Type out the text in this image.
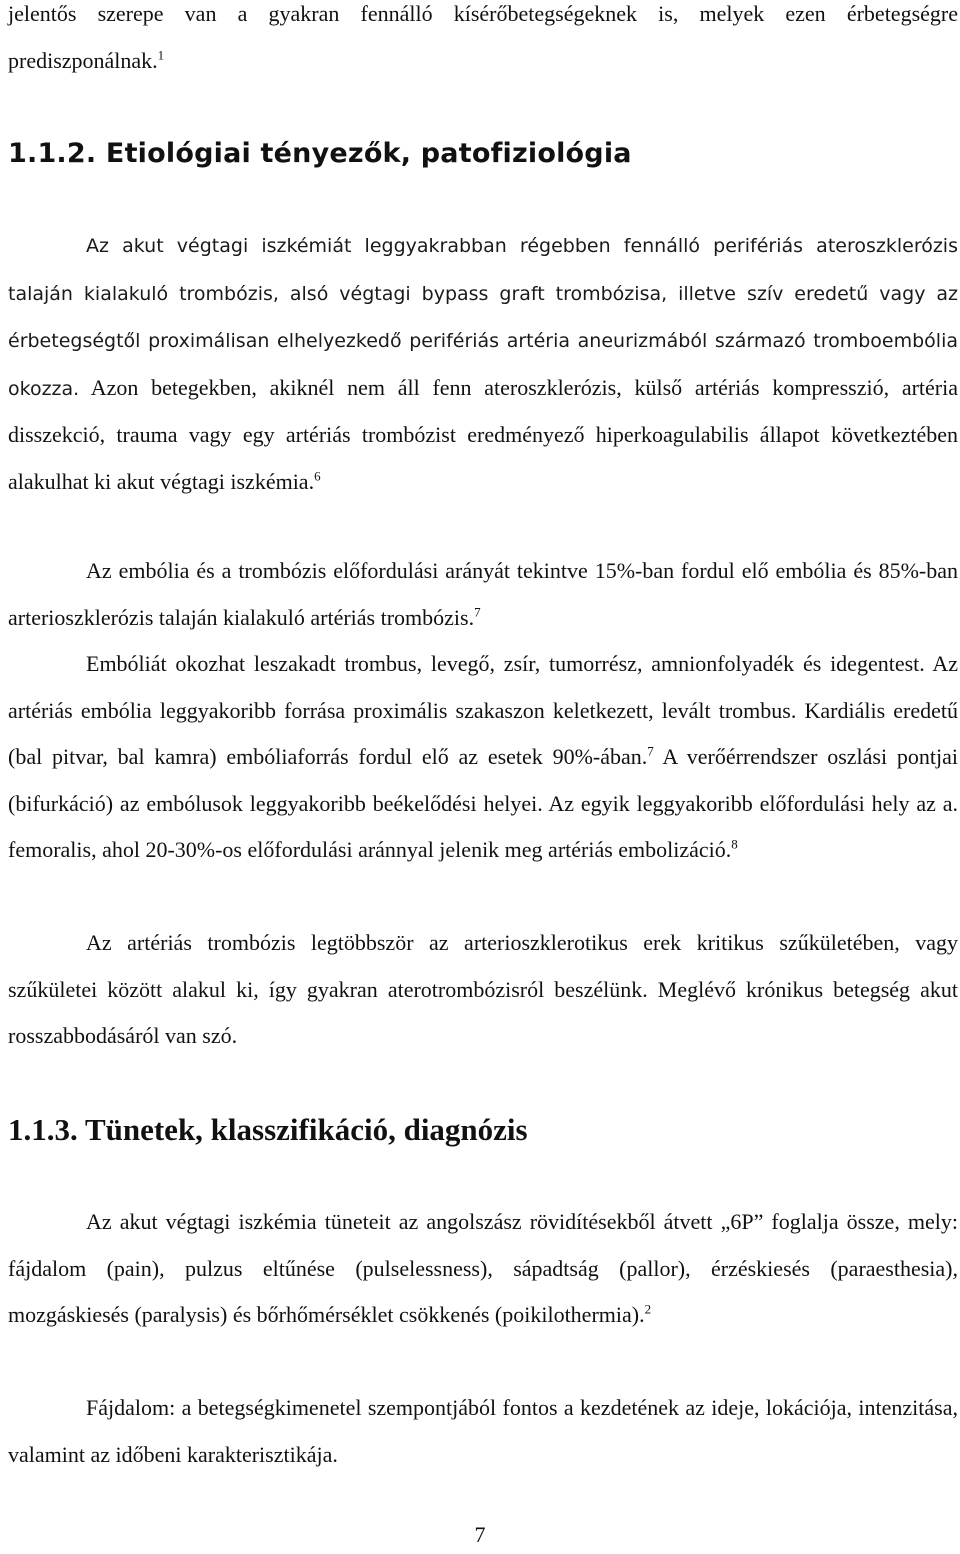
jelentős szerepe van a gyakran fennálló kísérőbetegségeknek is, melyek ezen érbetegségre prediszponálnak.$^1$

1.1.2. Etiológiai tényezők, patofiziológia

Az akut végtagi iszkémiát leggyakrabban régebben fennálló perifériás ateroszklerózis talaján kialakuló trombózis, alsó végtagi bypass graft trombózisa, illetve szív eredetű vagy az érbetegségtől proximálisan elhelyezkedő perifériás artéria aneurizmából származó tromboembólia okozza. Azon betegekben, akiknél nem áll fenn ateroszklerózis, külső artériás kompresszió, artéria disszekció, trauma vagy egy artériás trombózist eredményező hiperkoagulabilis állapot következtében alakulhat ki akut végtagi iszkémia.$^6$

Az embólia és a trombózis előfordulási arányát tekintve 15%-ban fordul elő embólia és 85%-ban arterioszklerózis talaján kialakuló artériás trombózis.$^7$

Embóliát okozhat leszakadt trombus, levegő, zsír, tumorrész, amnionfolyadék és idegentest. Az artériás embólia leggyakoribb forrása proximális szakaszon keletkezett, levált trombus. Kardiális eredetű (bal pitvar, bal kamra) embóliaforrás fordul elő az esetek 90%-ában.$^7$ A verőérrendszer oszlási pontjai (bifurkáció) az embólusok leggyakoribb beékelődési helyei. Az egyik leggyakoribb előfordulási hely az a. femoralis, ahol 20-30%-os előfordulási aránnyal jelenik meg artériás embolizáció.$^8$

Az artériás trombózis legtöbbször az arterioszklerotikus erek kritikus szűkületében, vagy szűkületei között alakul ki, így gyakran aterotrombózisról beszélünk. Meglévő krónikus betegség akut rosszabbodásáról van szó.

1.1.3. Tünetek, klasszifikáció, diagnózis

Az akut végtagi iszkémia tüneteit az angolszász rövidítésekből átvett „6P” foglalja össze, mely: fájdalom (pain), pulzus eltűnése (pulselessness), sápadtság (pallor), érzéskiesés (paraesthesia), mozgáskiesés (paralysis) és bőrhőmérséklet csökkenés (poikilothermia).$^2$

Fájdalom: a betegségkimenetel szempontjából fontos a kezdetének az ideje, lokációja, intenzitása, valamint az időbeni karakterisztikája.

7
